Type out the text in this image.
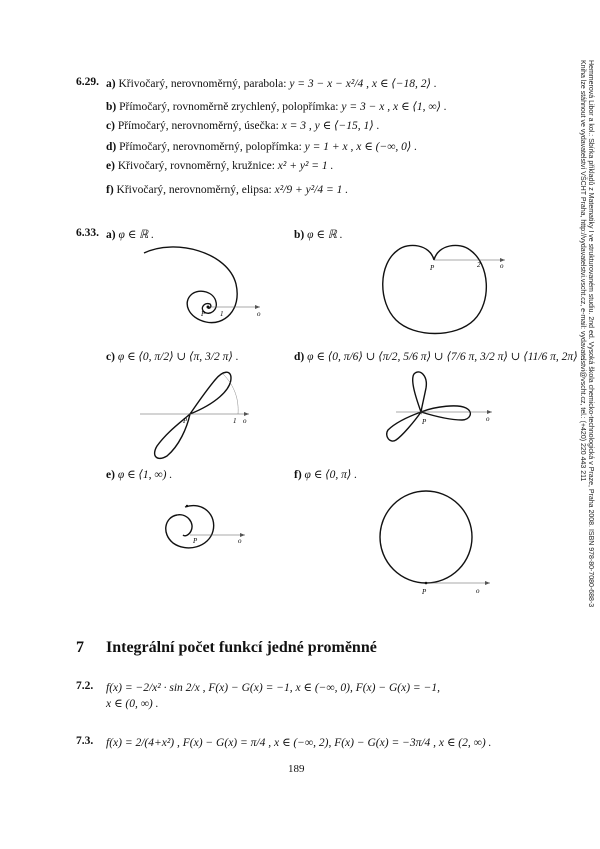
Hemmerová Libor a kol.: Sbírka příkladů z Matematiky I ve strukturovaném studiu. 2nd ed. Vysoká škola chemicko-technologická v Praze, Praha 2008. ISBN 978-80-7080-688-3
Kniha lze stáhnout ve vydavatelství VŠCHT Praha, http://vydavatelstvi.vscht.cz, e-mail: vydavatelstvi@vscht.cz, tel.: (+420) 220 443 211
6.29. a) Křivočarý, nerovnoměrný, parabola: y = 3 − x − x²/4 , x ∈ ⟨−18, 2⟩ .
b) Přímočarý, rovnoměrně zrychlený, polopřímka: y = 3 − x , x ∈ ⟨1, ∞⟩ .
c) Přímočarý, nerovnoměrný, úsečka: x = 3 , y ∈ ⟨−15, 1⟩ .
d) Přímočarý, nerovnoměrný, polopřímka: y = 1 + x , x ∈ (−∞, 0⟩ .
e) Křivočarý, rovnoměrný, kružnice: x² + y² = 1 .
f) Křivočarý, nerovnoměrný, elipsa: x²/9 + y²/4 = 1 .
6.33. a) φ ∈ ℝ .	b) φ ∈ ℝ .
P 1	o
P	2	o
c) φ ∈ ⟨0, π/2⟩ ∪ ⟨π, 3/2 π⟩ .	d) φ ∈ ⟨0, π/6⟩ ∪ ⟨π/2, 5/6 π⟩ ∪ ⟨7/6 π, 3/2 π⟩ ∪ ⟨11/6 π, 2π⟩ .
P	1 o	P	o
e) φ ∈ ⟨1, ∞) .	f) φ ∈ ⟨0, π⟩ .
P	o
P	o
7 Integrální počet funkcí jedné proměnné
7.2. f(x) = −2/x² · sin 2/x , F(x) − G(x) = −1, x ∈ (−∞, 0), F(x) − G(x) = −1,
x ∈ (0, ∞) .
7.3. f(x) = 2/(4+x²) , F(x) − G(x) = π/4 , x ∈ (−∞, 2), F(x) − G(x) = −3π/4 , x ∈ (2, ∞) .
189
